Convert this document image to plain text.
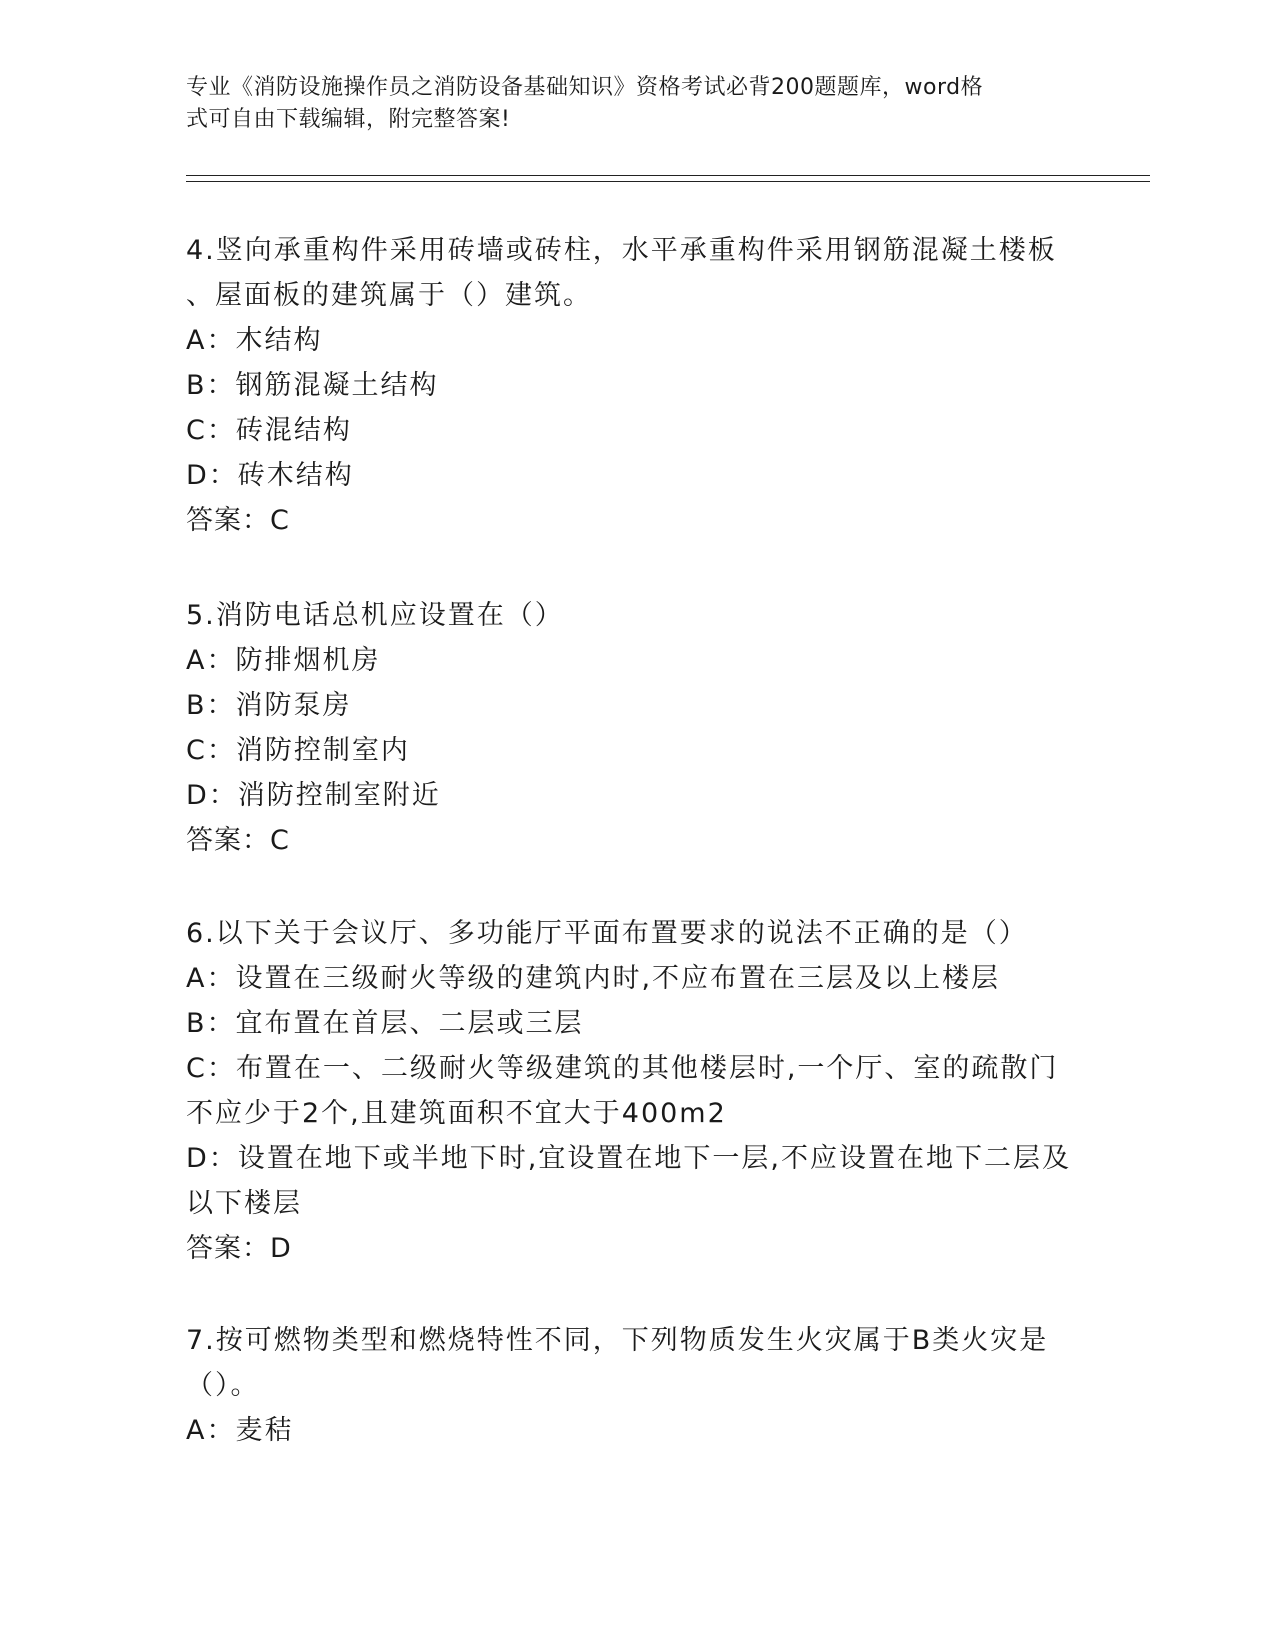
专业《消防设施操作员之消防设备基础知识》资格考试必背200题题库，word格
式可自由下载编辑，附完整答案!
4.竖向承重构件采用砖墙或砖柱，水平承重构件采用钢筋混凝土楼板
、屋面板的建筑属于（）建筑。
A：木结构
B：钢筋混凝土结构
C：砖混结构
D：砖木结构
答案：C
5.消防电话总机应设置在（）
A：防排烟机房
B：消防泵房
C：消防控制室内
D：消防控制室附近
答案：C
6.以下关于会议厅、多功能厅平面布置要求的说法不正确的是（）
A：设置在三级耐火等级的建筑内时,不应布置在三层及以上楼层
B：宜布置在首层、二层或三层
C：布置在一、二级耐火等级建筑的其他楼层时,一个厅、室的疏散门
不应少于2个,且建筑面积不宜大于400m2
D：设置在地下或半地下时,宜设置在地下一层,不应设置在地下二层及
以下楼层
答案：D
7.按可燃物类型和燃烧特性不同，下列物质发生火灾属于B类火灾是
（）。
A：麦秸
